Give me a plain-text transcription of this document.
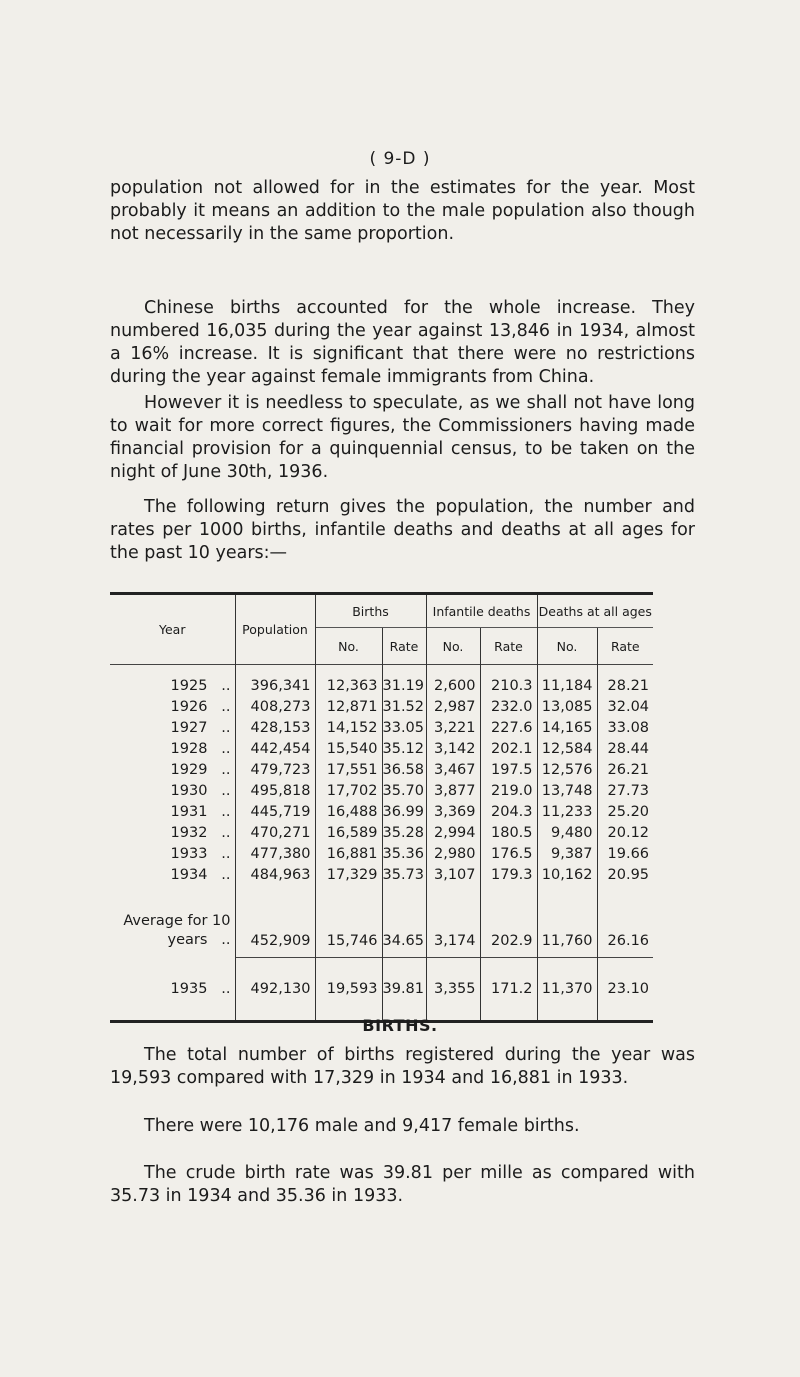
( 9-D )

population not allowed for in the estimates for the year. Most probably it means an addition to the male population also though not necessarily in the same proportion.

Chinese births accounted for the whole increase. They numbered 16,035 during the year against 13,846 in 1934, almost a 16% increase. It is significant that there were no restrictions during the year against female immigrants from China.

However it is needless to speculate, as we shall not have long to wait for more correct figures, the Commissioners having made financial provision for a quinquennial census, to be taken on the night of June 30th, 1936.

The following return gives the population, the number and rates per 1000 births, infantile deaths and deaths at all ages for the past 10 years:—

Year	Population	Births		Infantile deaths		Deaths at all ages	
		No.	Rate	No.	Rate	No.	Rate
1925 ..	396,341	12,363	31.19	2,600	210.3	11,184	28.21
1926 ..	408,273	12,871	31.52	2,987	232.0	13,085	32.04
1927 ..	428,153	14,152	33.05	3,221	227.6	14,165	33.08
1928 ..	442,454	15,540	35.12	3,142	202.1	12,584	28.44
1929 ..	479,723	17,551	36.58	3,467	197.5	12,576	26.21
1930 ..	495,818	17,702	35.70	3,877	219.0	13,748	27.73
1931 ..	445,719	16,488	36.99	3,369	204.3	11,233	25.20
1932 ..	470,271	16,589	35.28	2,994	180.5	9,480	20.12
1933 ..	477,380	16,881	35.36	2,980	176.5	9,387	19.66
1934 ..	484,963	17,329	35.73	3,107	179.3	10,162	20.95
Average for 10
years ..	452,909	15,746	34.65	3,174	202.9	11,760	26.16
1935 ..	492,130	19,593	39.81	3,355	171.2	11,370	23.10
BIRTHS.

The total number of births registered during the year was 19,593 compared with 17,329 in 1934 and 16,881 in 1933.

There were 10,176 male and 9,417 female births.

The crude birth rate was 39.81 per mille as compared with 35.73 in 1934 and 35.36 in 1933.
